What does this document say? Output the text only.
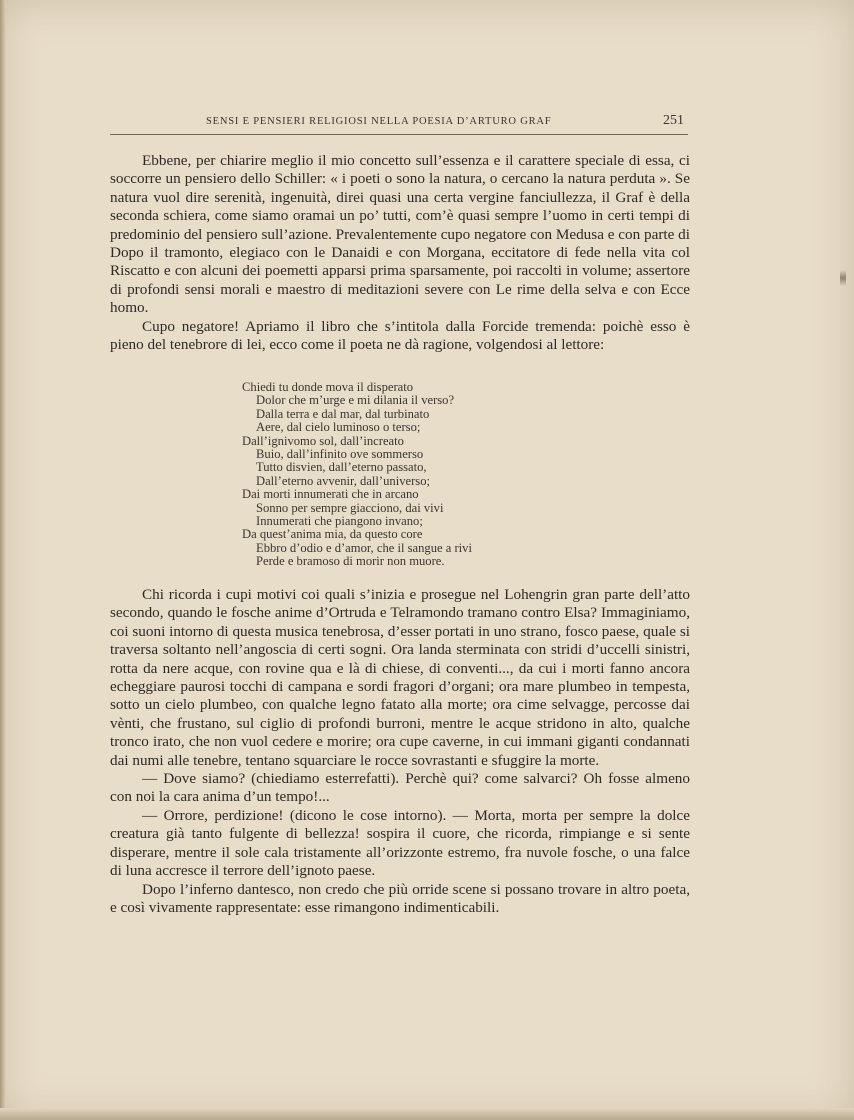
SENSI E PENSIERI RELIGIOSI NELLA POESIA D’ARTURO GRAF	251

Ebbene, per chiarire meglio il mio concetto sull’essenza e il carattere speciale di essa, ci soccorre un pensiero dello Schiller: « i poeti o sono la natura, o cercano la natura perduta ». Se natura vuol dire serenità, ingenuità, direi quasi una certa vergine fanciullezza, il Graf è della seconda schiera, come siamo oramai un po’ tutti, com’è quasi sempre l’uomo in certi tempi di predominio del pensiero sull’azione. Prevalentemente cupo negatore con Medusa e con parte di Dopo il tramonto, elegiaco con le Danaidi e con Morgana, eccitatore di fede nella vita col Riscatto e con alcuni dei poemetti apparsi prima sparsamente, poi raccolti in volume; assertore di profondi sensi morali e maestro di meditazioni severe con Le rime della selva e con Ecce homo.

Cupo negatore! Apriamo il libro che s’intitola dalla Forcide tremenda: poichè esso è pieno del tenebrore di lei, ecco come il poeta ne dà ragione, volgendosi al lettore:

Chiedi tu donde mova il disperato
Dolor che m’urge e mi dilania il verso?
Dalla terra e dal mar, dal turbinato
Aere, dal cielo luminoso o terso;
Dall’ignivomo sol, dall’increato
Buio, dall’infinito ove sommerso
Tutto disvien, dall’eterno passato,
Dall’eterno avvenir, dall’universo;
Dai morti innumerati che in arcano
Sonno per sempre giacciono, dai vivi
Innumerati che piangono invano;
Da quest’anima mia, da questo core
Ebbro d’odio e d’amor, che il sangue a rivi
Perde e bramoso di morir non muore.

Chi ricorda i cupi motivi coi quali s’inizia e prosegue nel Lohengrin gran parte dell’atto secondo, quando le fosche anime d’Ortruda e Telramondo tramano contro Elsa? Immaginiamo, coi suoni intorno di questa musica tenebrosa, d’esser portati in uno strano, fosco paese, quale si traversa soltanto nell’angoscia di certi sogni. Ora landa sterminata con stridi d’uccelli sinistri, rotta da nere acque, con rovine qua e là di chiese, di conventi..., da cui i morti fanno ancora echeggiare paurosi tocchi di campana e sordi fragori d’organi; ora mare plumbeo in tempesta, sotto un cielo plumbeo, con qualche legno fatato alla morte; ora cime selvagge, percosse dai vènti, che frustano, sul ciglio di profondi burroni, mentre le acque stridono in alto, qualche tronco irato, che non vuol cedere e morire; ora cupe caverne, in cui immani giganti condannati dai numi alle tenebre, tentano squarciare le rocce sovrastanti e sfuggire la morte.

— Dove siamo? (chiediamo esterrefatti). Perchè qui? come salvarci? Oh fosse almeno con noi la cara anima d’un tempo!...

— Orrore, perdizione! (dicono le cose intorno). — Morta, morta per sempre la dolce creatura già tanto fulgente di bellezza! sospira il cuore, che ricorda, rimpiange e si sente disperare, mentre il sole cala tristamente all’orizzonte estremo, fra nuvole fosche, o una falce di luna accresce il terrore dell’ignoto paese.

Dopo l’inferno dantesco, non credo che più orride scene si possano trovare in altro poeta, e così vivamente rappresentate: esse rimangono indimenticabili.
